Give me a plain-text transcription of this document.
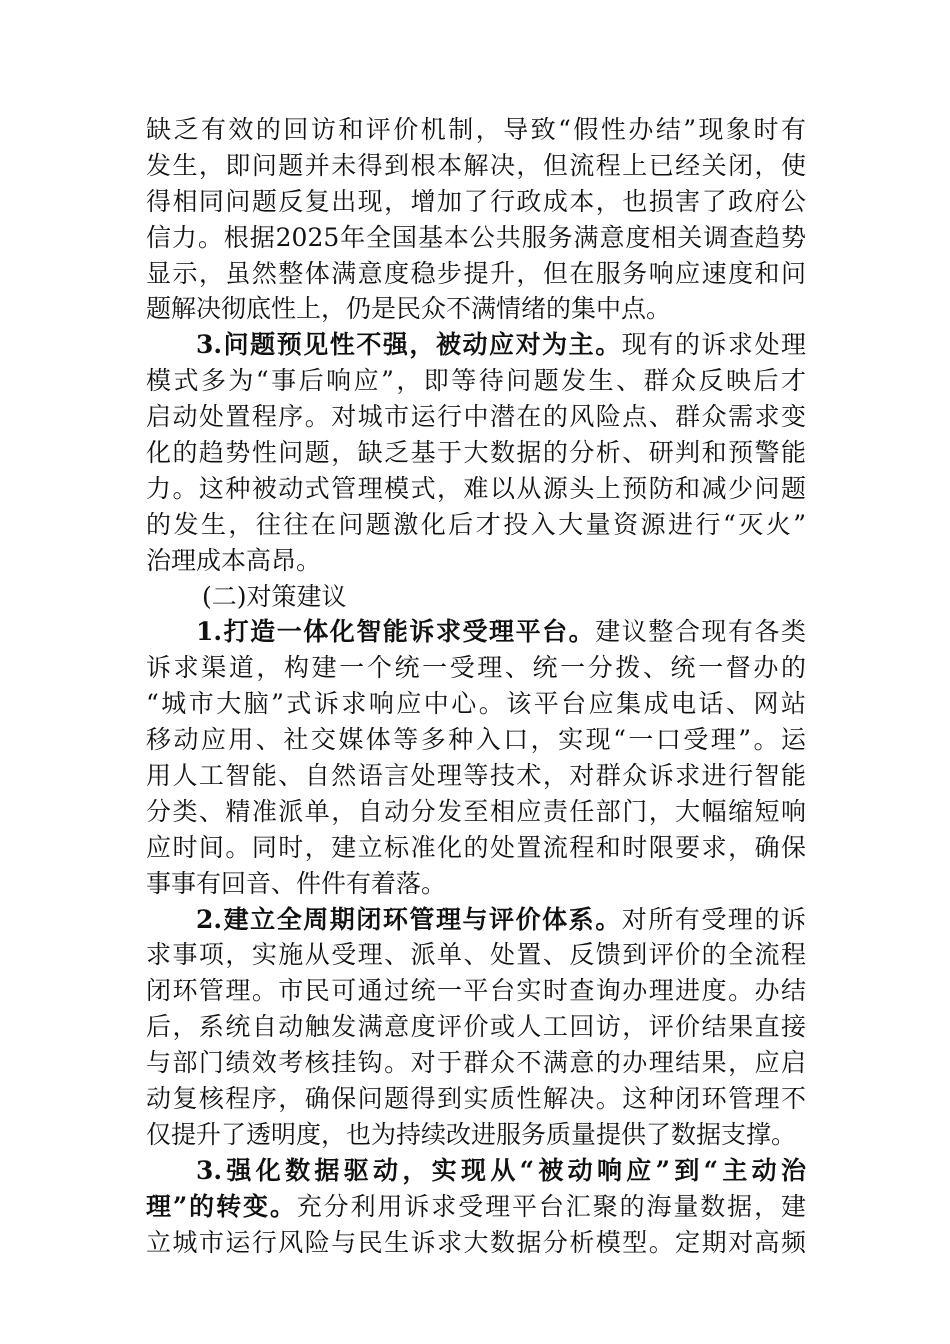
缺乏有效的回访和评价机制，导致“假性办结”现象时有
发生，即问题并未得到根本解决，但流程上已经关闭，使
得相同问题反复出现，增加了行政成本，也损害了政府公
信力。根据2025年全国基本公共服务满意度相关调查趋势
显示，虽然整体满意度稳步提升，但在服务响应速度和问
题解决彻底性上，仍是民众不满情绪的集中点。
3.问题预见性不强，被动应对为主。现有的诉求处理
模式多为“事后响应”，即等待问题发生、群众反映后才
启动处置程序。对城市运行中潜在的风险点、群众需求变
化的趋势性问题，缺乏基于大数据的分析、研判和预警能
力。这种被动式管理模式，难以从源头上预防和减少问题
的发生，往往在问题激化后才投入大量资源进行“灭火”
治理成本高昂。
(二)对策建议
1.打造一体化智能诉求受理平台。建议整合现有各类
诉求渠道，构建一个统一受理、统一分拨、统一督办的
“城市大脑”式诉求响应中心。该平台应集成电话、网站
移动应用、社交媒体等多种入口，实现“一口受理”。运
用人工智能、自然语言处理等技术，对群众诉求进行智能
分类、精准派单，自动分发至相应责任部门，大幅缩短响
应时间。同时，建立标准化的处置流程和时限要求，确保
事事有回音、件件有着落。
2.建立全周期闭环管理与评价体系。对所有受理的诉
求事项，实施从受理、派单、处置、反馈到评价的全流程
闭环管理。市民可通过统一平台实时查询办理进度。办结
后，系统自动触发满意度评价或人工回访，评价结果直接
与部门绩效考核挂钩。对于群众不满意的办理结果，应启
动复核程序，确保问题得到实质性解决。这种闭环管理不
仅提升了透明度，也为持续改进服务质量提供了数据支撑。
3.强化数据驱动，实现从“被动响应”到“主动治
理”的转变。充分利用诉求受理平台汇聚的海量数据，建
立城市运行风险与民生诉求大数据分析模型。定期对高频
